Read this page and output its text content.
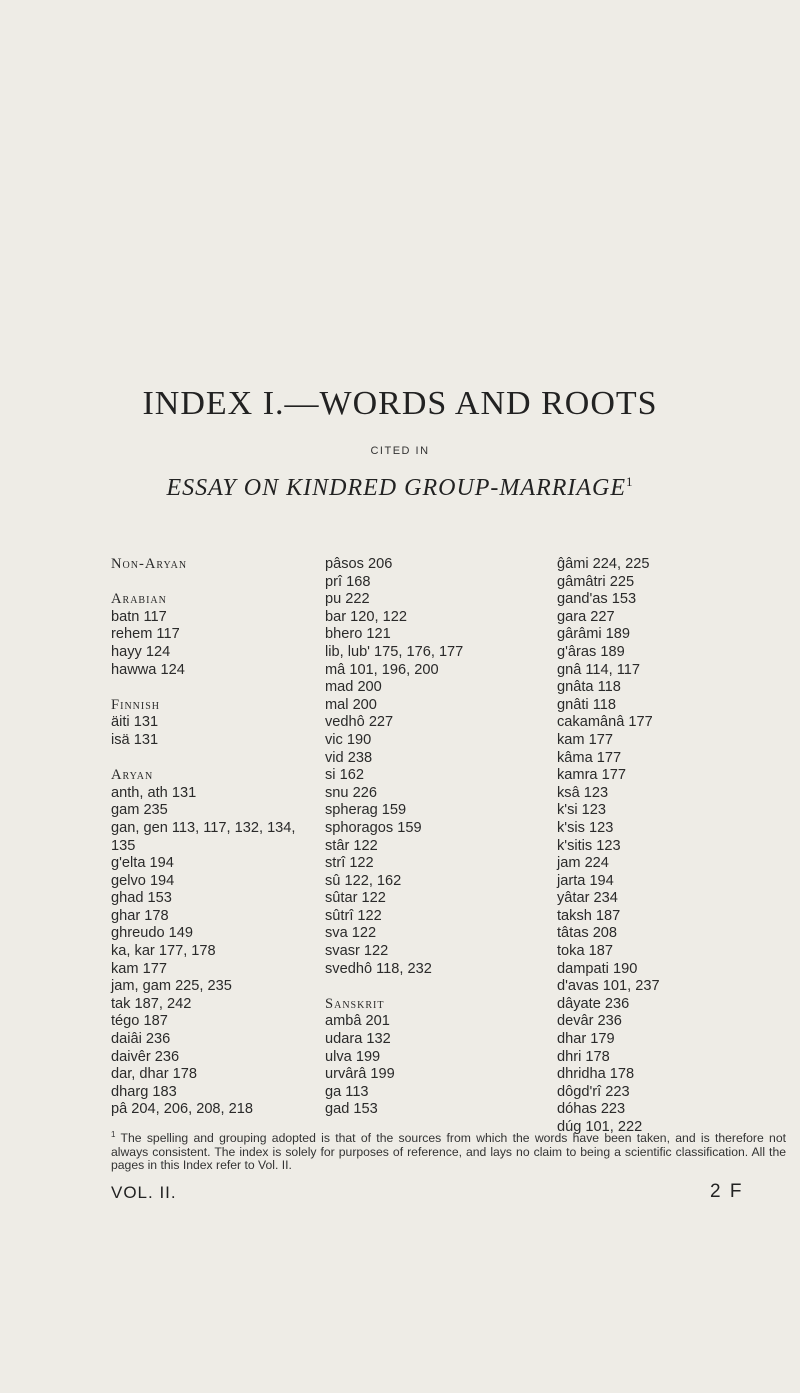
INDEX I.—WORDS AND ROOTS
CITED IN
ESSAY ON KINDRED GROUP-MARRIAGE$^1$
Non-Aryan
Arabian
batn 117
rehem 117
hayy 124
hawwa 124
Finnish
äiti 131
isä 131
Aryan
anth, ath 131
gam 235
gan, gen 113, 117, 132, 134,
135
g'elta 194
gelvo 194
ghad 153
ghar 178
ghreudo 149
ka, kar 177, 178
kam 177
jam, gam 225, 235
tak 187, 242
tégo 187
daiâi 236
daivêr 236
dar, dhar 178
dharg 183
pâ 204, 206, 208, 218
pâsos 206
prî 168
pu 222
bar 120, 122
bhero 121
lib, lub' 175, 176, 177
mâ 101, 196, 200
mad 200
mal 200
vedhô 227
vic 190
vid 238
si 162
snu 226
spherag 159
sphoragos 159
stâr 122
strî 122
sû 122, 162
sûtar 122
sûtrî 122
sva 122
svasr 122
svedhô 118, 232
Sanskrit
ambâ 201
udara 132
ulva 199
urvârâ 199
ga 113
gad 153
ĝâmi 224, 225
gâmâtri 225
gand'as 153
gara 227
gârâmi 189
g'âras 189
gnâ 114, 117
gnâta 118
gnâti 118
cakamânâ 177
kam 177
kâma 177
kamra 177
ksâ 123
k'si 123
k'sis 123
k'sitis 123
jam 224
jarta 194
yâtar 234
taksh 187
tâtas 208
toka 187
dampati 190
d'avas 101, 237
dâyate 236
devâr 236
dhar 179
dhri 178
dhridha 178
dôgd'rî 223
dóhas 223
dúg 101, 222
$^1$ The spelling and grouping adopted is that of the sources from which the words have been taken, and is therefore not always consistent. The index is solely for purposes of reference, and lays no claim to being a scientific classification. All the pages in this Index refer to Vol. II.
VOL. II.	2 F
